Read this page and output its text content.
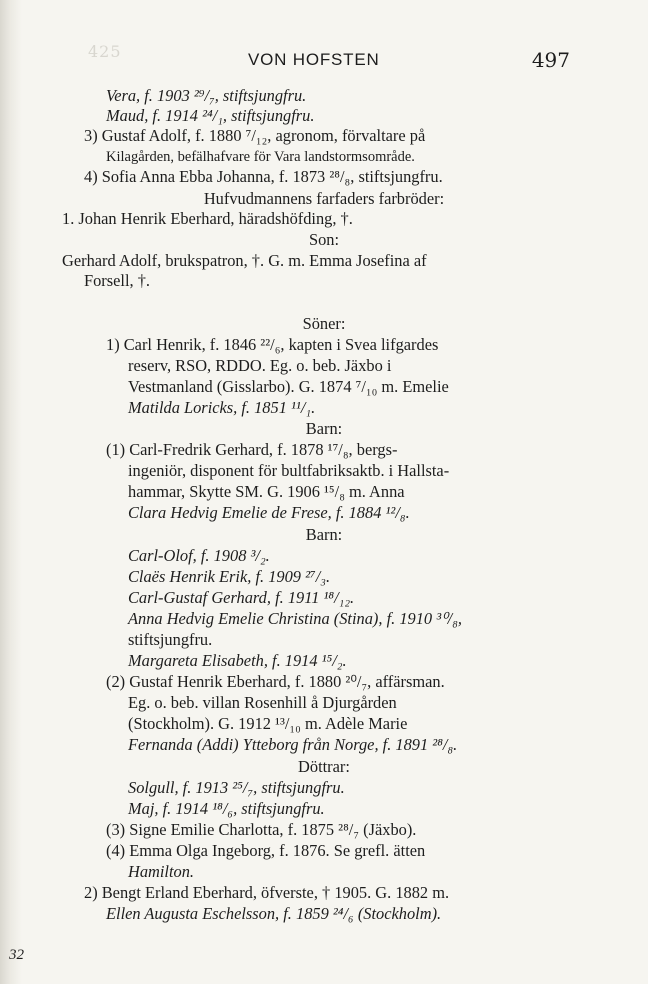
425	VON HOFSTEN	497
Vera, f. 1903 ²⁹/₇, stiftsjungfru.
Maud, f. 1914 ²⁴/₁, stiftsjungfru.
3) Gustaf Adolf, f. 1880 ⁷/₁₂, agronom, förvaltare på
Kilagården, befälhafvare för Vara landstormsområde.
4) Sofia Anna Ebba Johanna, f. 1873 ²⁸/₈, stiftsjungfru.
Hufvudmannens farfaders farbröder:
1. Johan Henrik Eberhard, häradshöfding, †.
Son:
Gerhard Adolf, brukspatron, †. G. m. Emma Josefina af
Forsell, †.
Söner:
1) Carl Henrik, f. 1846 ²²/₆, kapten i Svea lifgardes
reserv, RSO, RDDO. Eg. o. beb. Jäxbo i
Vestmanland (Gisslarbo). G. 1874 ⁷/₁₀ m. Emelie
Matilda Loricks, f. 1851 ¹¹/₁.
Barn:
(1) Carl-Fredrik Gerhard, f. 1878 ¹⁷/₈, bergs-
ingeniör, disponent för bultfabriksaktb. i Hallsta-
hammar, Skytte SM. G. 1906 ¹⁵/₈ m. Anna
Clara Hedvig Emelie de Frese, f. 1884 ¹²/₈.
Barn:
Carl-Olof, f. 1908 ³/₂.
Claës Henrik Erik, f. 1909 ²⁷/₃.
Carl-Gustaf Gerhard, f. 1911 ¹⁸/₁₂.
Anna Hedvig Emelie Christina (Stina), f. 1910 ³⁰/₈,
stiftsjungfru.
Margareta Elisabeth, f. 1914 ¹⁵/₂.
(2) Gustaf Henrik Eberhard, f. 1880 ²⁰/₇, affärsman.
Eg. o. beb. villan Rosenhill å Djurgården
(Stockholm). G. 1912 ¹³/₁₀ m. Adèle Marie
Fernanda (Addi) Ytteborg från Norge, f. 1891 ²⁸/₈.
Döttrar:
Solgull, f. 1913 ²⁵/₇, stiftsjungfru.
Maj, f. 1914 ¹⁸/₆, stiftsjungfru.
(3) Signe Emilie Charlotta, f. 1875 ²⁸/₇ (Jäxbo).
(4) Emma Olga Ingeborg, f. 1876. Se grefl. ätten
Hamilton.
2) Bengt Erland Eberhard, öfverste, † 1905. G. 1882 m.
Ellen Augusta Eschelsson, f. 1859 ²⁴/₆ (Stockholm).
32
